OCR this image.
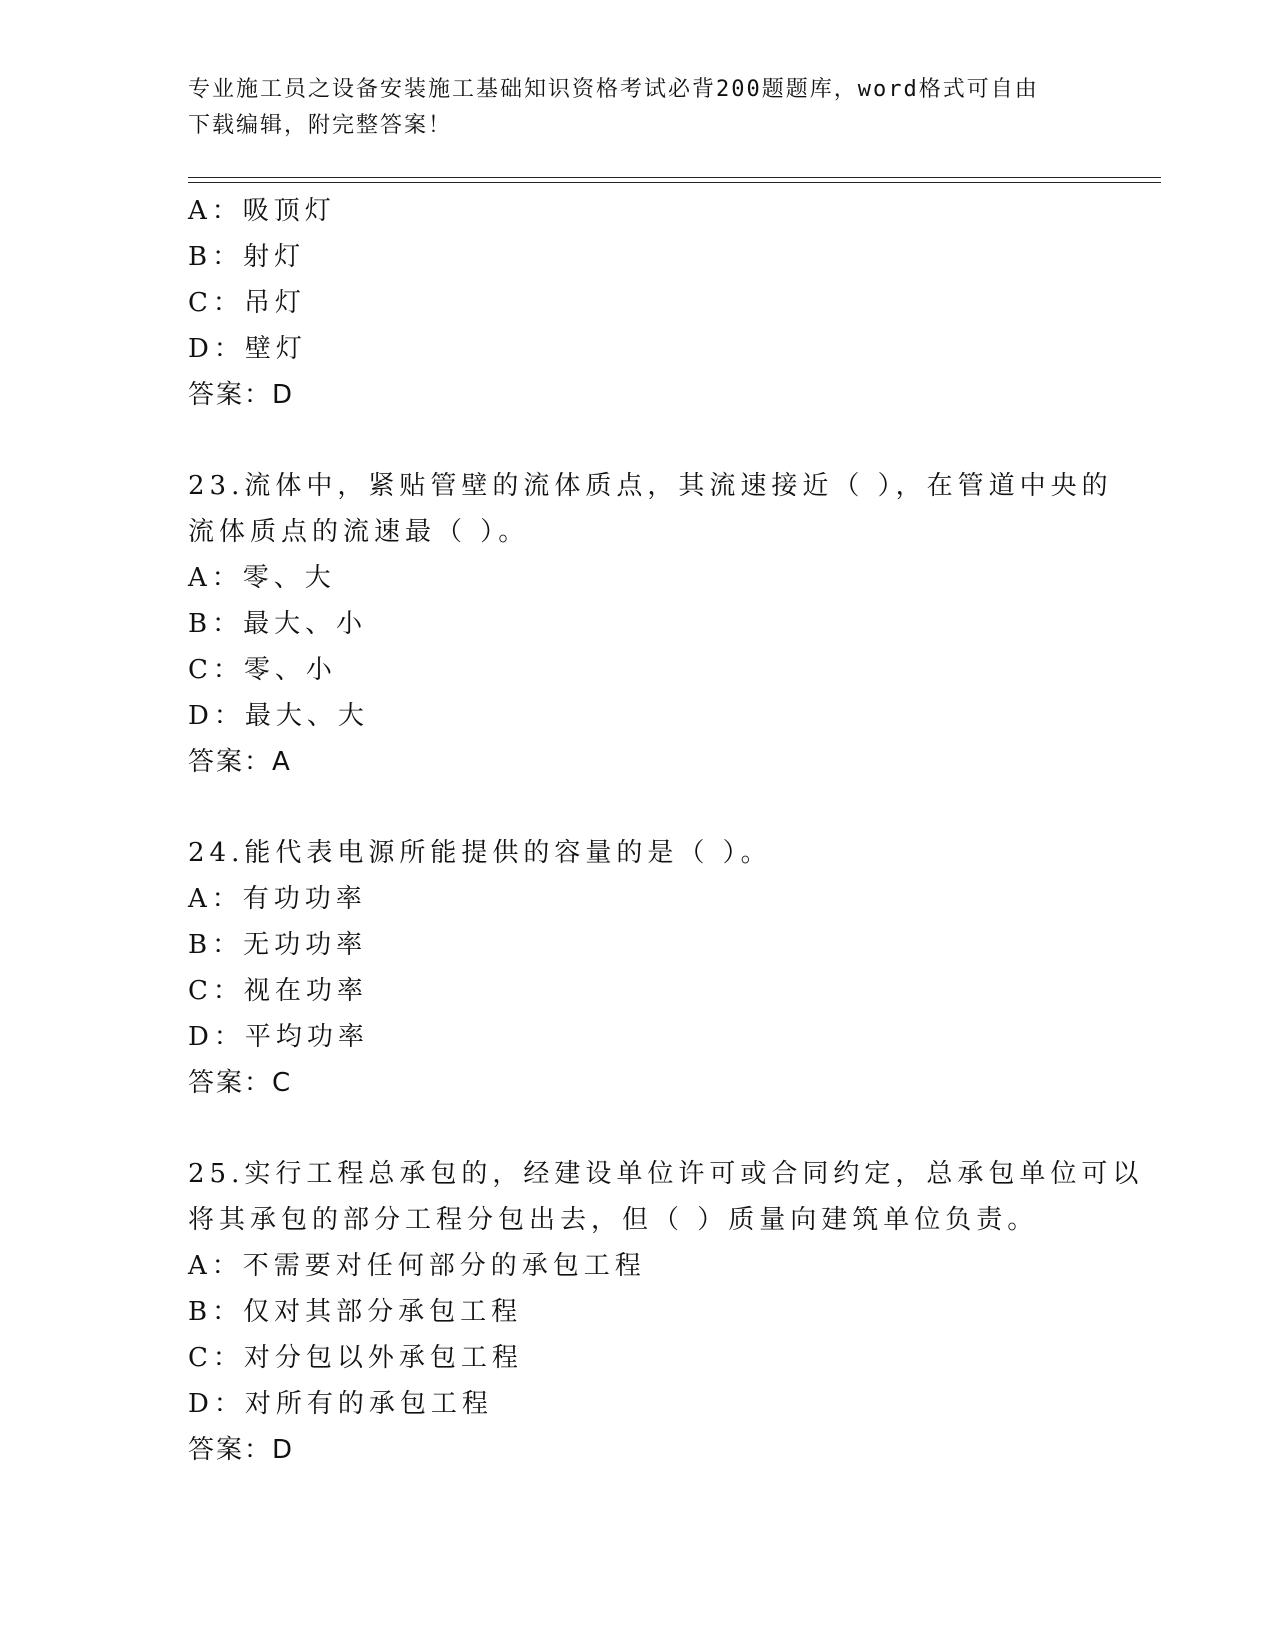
专业施工员之设备安装施工基础知识资格考试必背200题题库，word格式可自由
下载编辑，附完整答案！
A：吸顶灯
B：射灯
C：吊灯
D：壁灯
答案：D
23.流体中，紧贴管壁的流体质点，其流速接近（ ），在管道中央的
流体质点的流速最（ ）。
A：零、大
B：最大、小
C：零、小
D：最大、大
答案：A
24.能代表电源所能提供的容量的是（ ）。
A：有功功率
B：无功功率
C：视在功率
D：平均功率
答案：C
25.实行工程总承包的，经建设单位许可或合同约定，总承包单位可以
将其承包的部分工程分包出去，但（ ）质量向建筑单位负责。
A：不需要对任何部分的承包工程
B：仅对其部分承包工程
C：对分包以外承包工程
D：对所有的承包工程
答案：D
